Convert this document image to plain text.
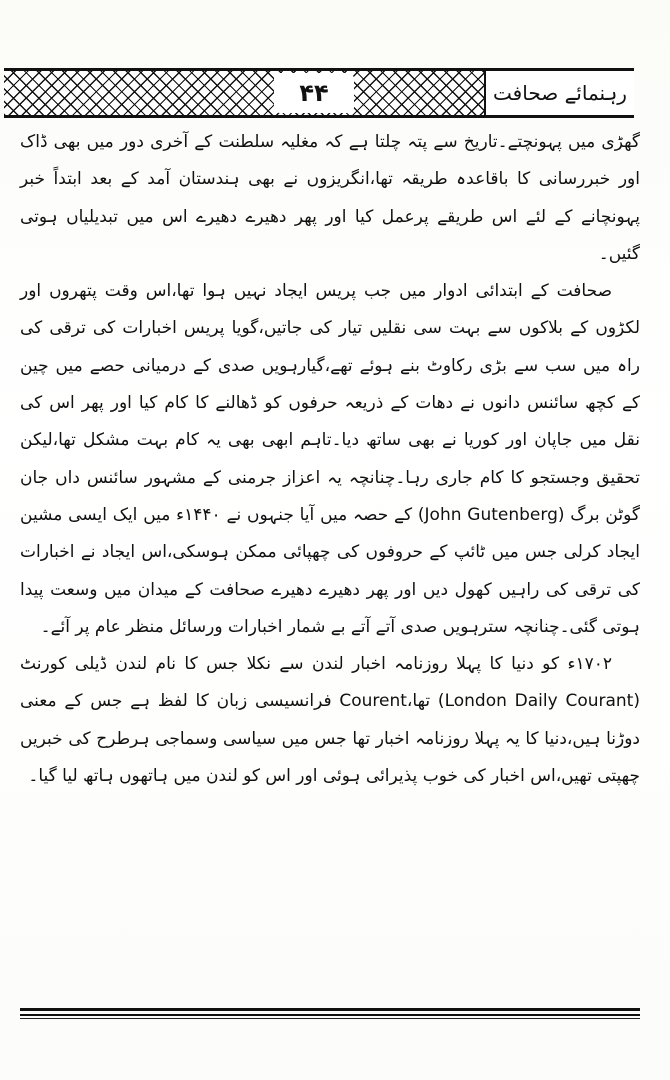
۴۴	رہنمائے صحافت

گھڑی میں پہونچتے۔تاریخ سے پتہ چلتا ہے کہ مغلیہ سلطنت کے آخری دور میں بھی ڈاک اور خبررسانی کا باقاعدہ طریقہ تھا،انگریزوں نے بھی ہندستان آمد کے بعد ابتداً خبر پہونچانے کے لئے اس طریقے پرعمل کیا اور پھر دھیرے دھیرے اس میں تبدیلیاں ہوتی گئیں۔

صحافت کے ابتدائی ادوار میں جب پریس ایجاد نہیں ہوا تھا،اس وقت پتھروں اور لکڑوں کے بلاکوں سے بہت سی نقلیں تیار کی جاتیں،گویا پریس اخبارات کی ترقی کی راہ میں سب سے بڑی رکاوٹ بنے ہوئے تھے،گیارہویں صدی کے درمیانی حصے میں چین کے کچھ سائنس دانوں نے دھات کے ذریعہ حرفوں کو ڈھالنے کا کام کیا اور پھر اس کی نقل میں جاپان اور کوریا نے بھی ساتھ دیا۔تاہم ابھی بھی یہ کام بہت مشکل تھا،لیکن تحقیق وجستجو کا کام جاری رہا۔چنانچہ یہ اعزاز جرمنی کے مشہور سائنس داں جان گوٹن برگ (John Gutenberg) کے حصہ میں آیا جنہوں نے ۱۴۴۰ء میں ایک ایسی مشین ایجاد کرلی جس میں ٹائپ کے حروفوں کی چھپائی ممکن ہوسکی،اس ایجاد نے اخبارات کی ترقی کی راہیں کھول دیں اور پھر دھیرے دھیرے صحافت کے میدان میں وسعت پیدا ہوتی گئی۔چنانچہ سترہویں صدی آتے آتے بے شمار اخبارات ورسائل منظر عام پر آئے۔

۱۷۰۲ء کو دنیا کا پہلا روزنامہ اخبار لندن سے نکلا جس کا نام لندن ڈیلی کورنٹ (London Daily Courant) تھا،Courent فرانسیسی زبان کا لفظ ہے جس کے معنی دوڑنا ہیں،دنیا کا یہ پہلا روزنامہ اخبار تھا جس میں سیاسی وسماجی ہرطرح کی خبریں چھپتی تھیں،اس اخبار کی خوب پذیرائی ہوئی اور اس کو لندن میں ہاتھوں ہاتھ لیا گیا۔
